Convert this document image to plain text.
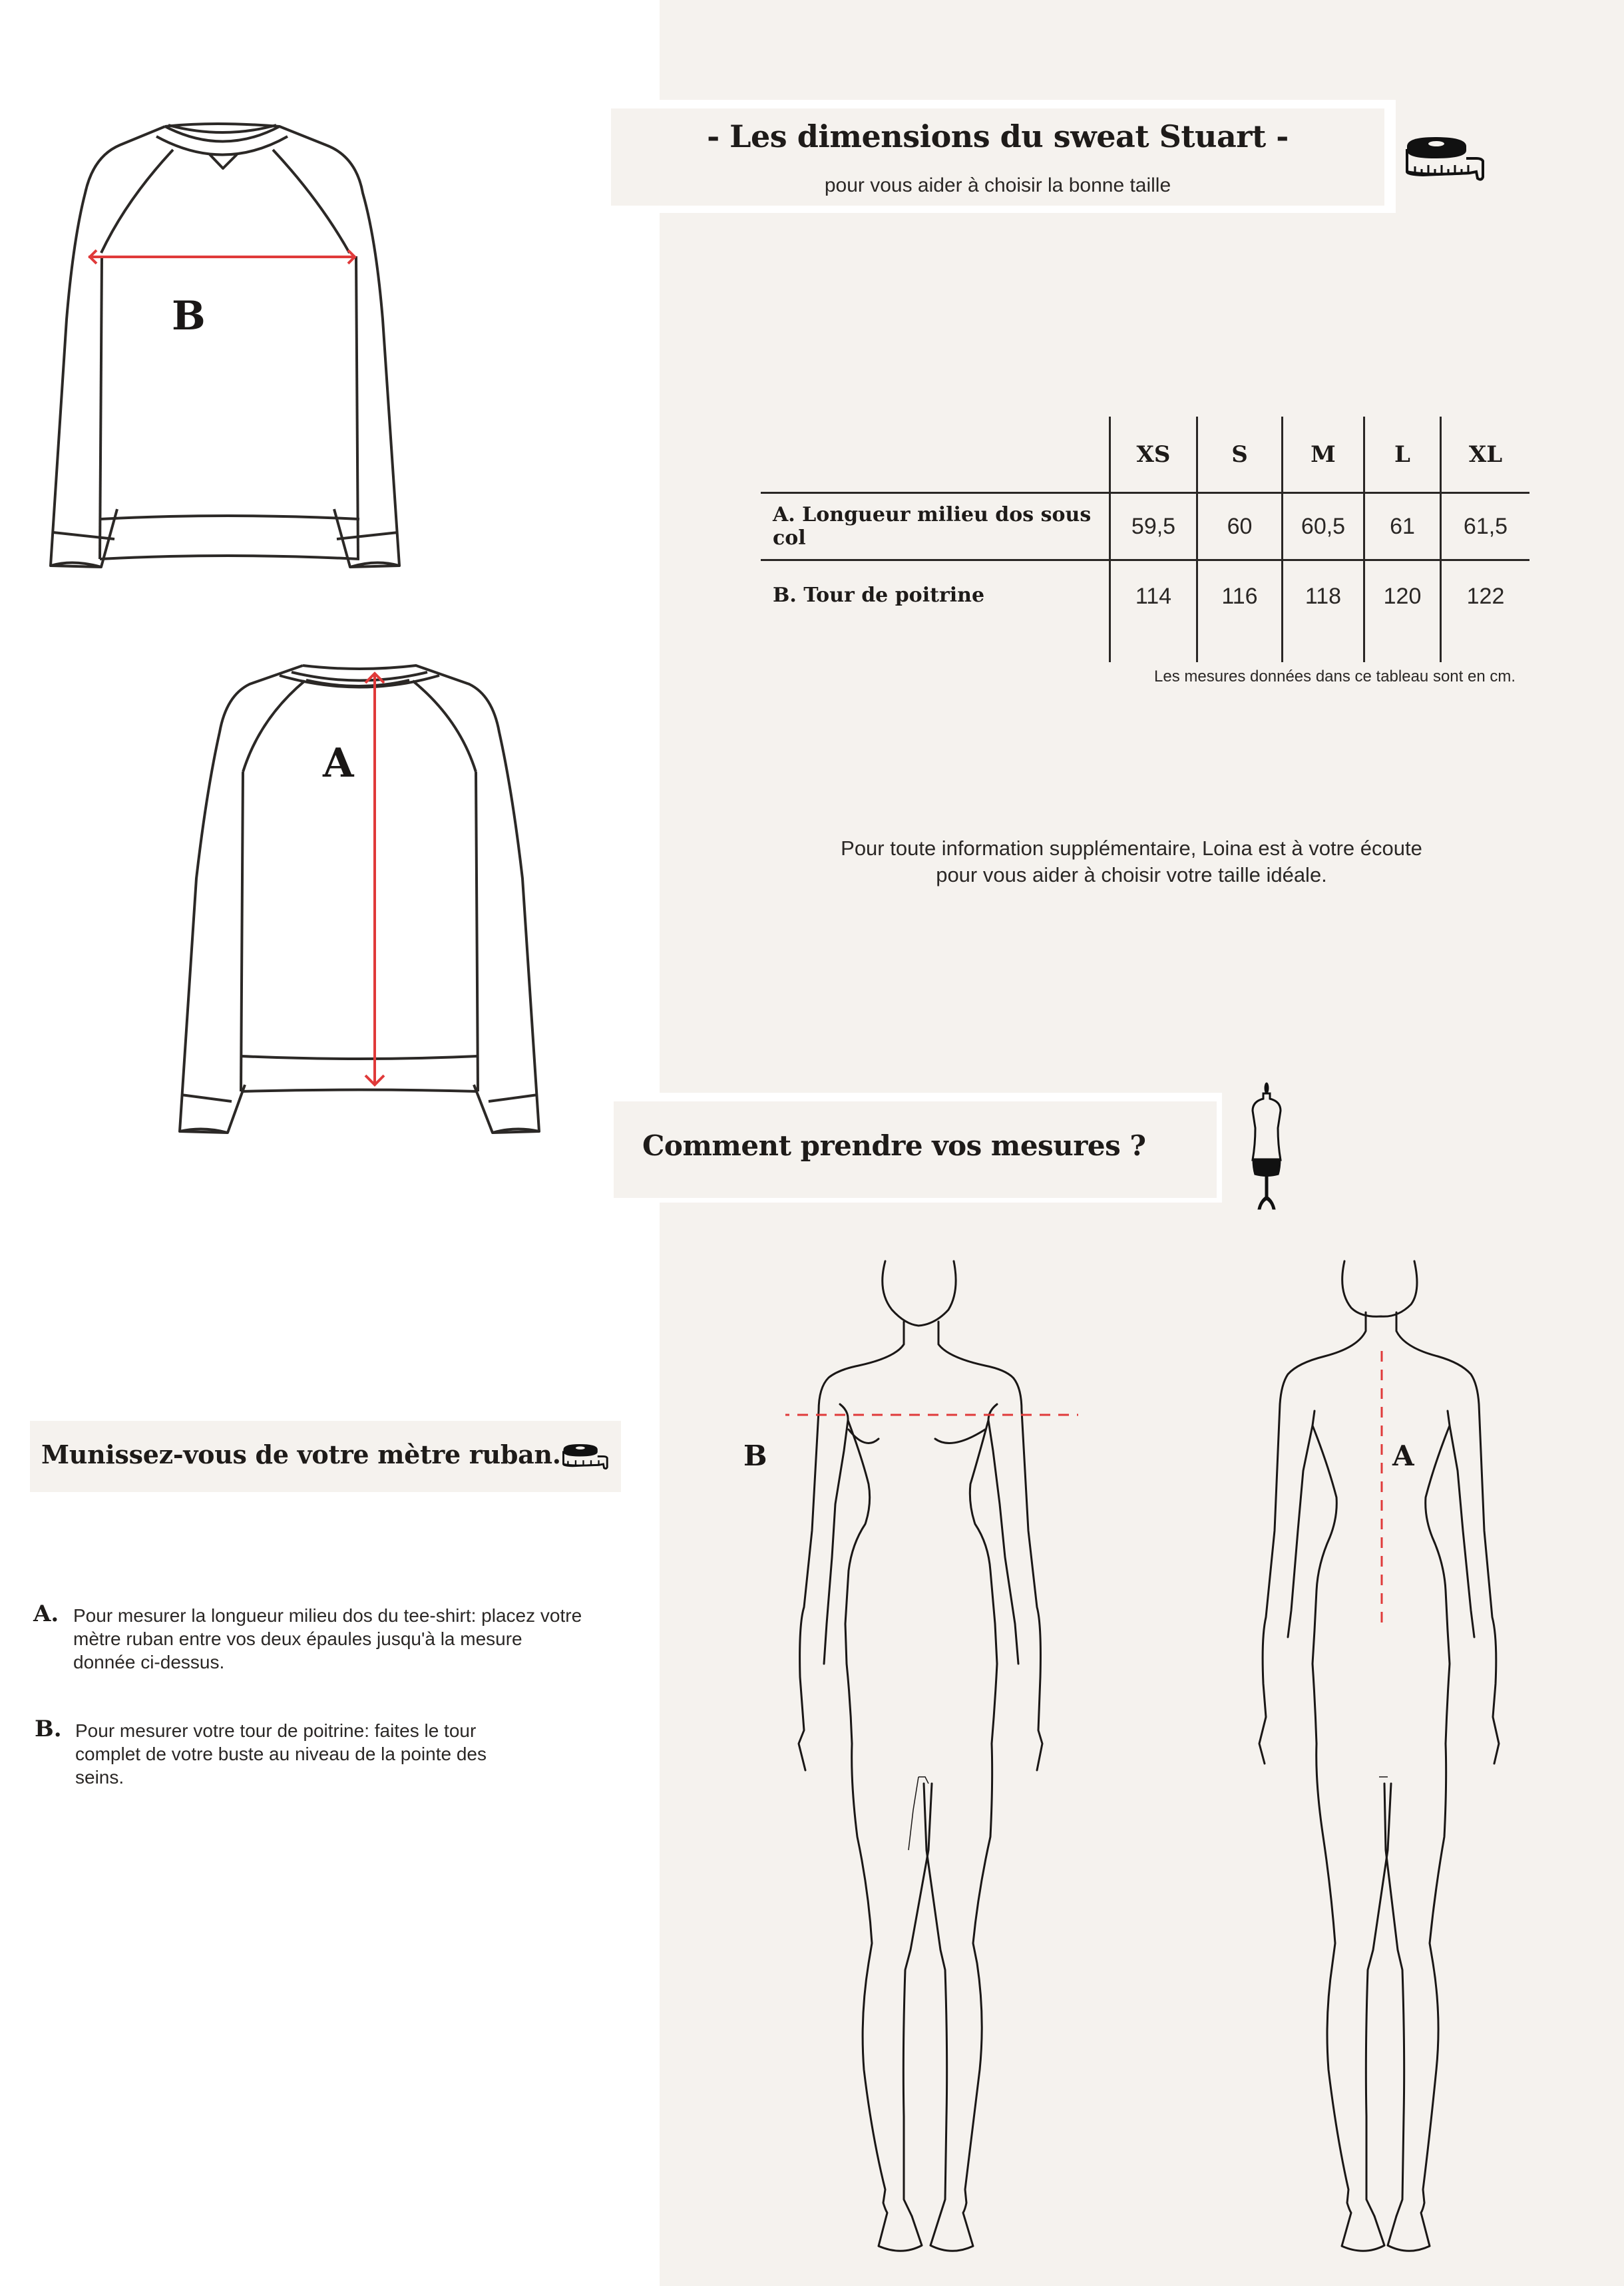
- Les dimensions du sweat Stuart -
pour vous aider à choisir la bonne taille
	XS	S	M	L	XL
A. Longueur milieu dos sous col	59,5	60	60,5	61	61,5
B. Tour de poitrine	114	116	118	120	122
Les mesures données dans ce tableau sont en cm.
Pour toute information supplémentaire, Loina est à votre écoute
pour vous aider à choisir votre taille idéale.
B
A
Comment prendre vos mesures ?
Munissez-vous de votre mètre ruban.
A. Pour mesurer la longueur milieu dos du tee-shirt: placez votre
mètre ruban entre vos deux épaules jusqu'à la mesure
donnée ci-dessus.
B. Pour mesurer votre tour de poitrine: faites le tour
complet de votre buste au niveau de la pointe des
seins.
B	A
